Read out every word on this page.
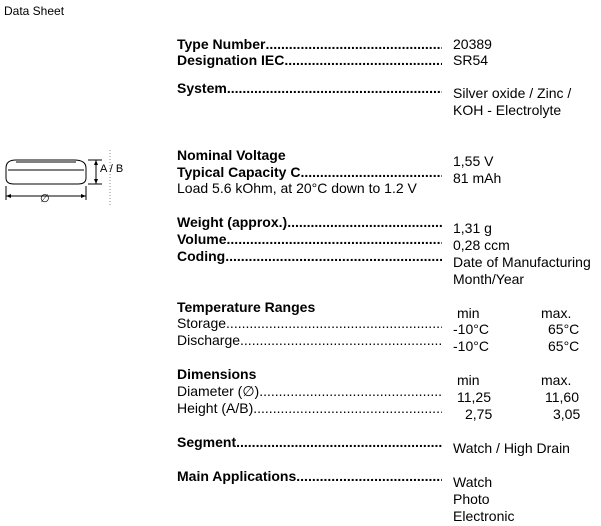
Data Sheet
A / B
∅
Type Number .....	20389
Designation IEC .....	SR54
System .....	Silver oxide / Zinc /
KOH - Electrolyte
Nominal Voltage	1,55 V
Typical Capacity C .....	81 mAh
Load 5.6 kOhm, at 20°C down to 1.2 V
Weight (approx.) .....	1,31 g
Volume .....	0,28 ccm
Coding .....	Date of Manufacturing
Month/Year
Temperature Ranges	min	max.
Storage .....	-10°C	65°C
Discharge .....	-10°C	65°C
Dimensions	min	max.
Diameter (∅) .....	11,25	11,60
Height (A/B) .....	2,75	3,05
Segment .....	Watch / High Drain
Main Applications .....	Watch
Photo
Electronic
